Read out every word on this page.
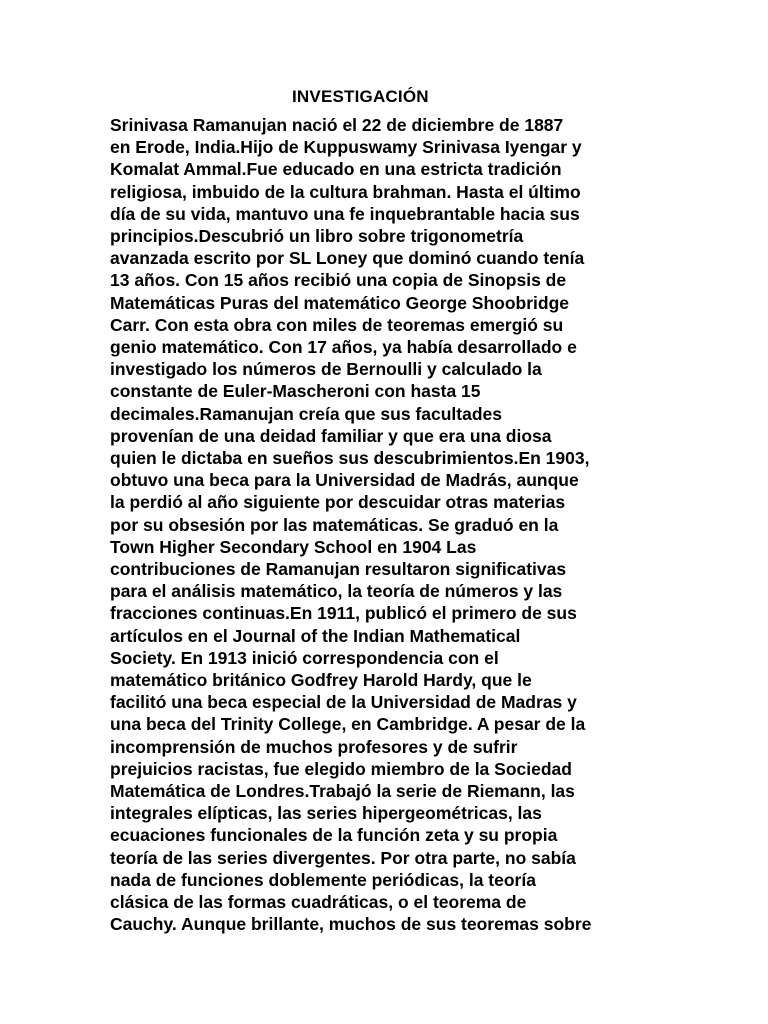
INVESTIGACIÓN
Srinivasa Ramanujan nació el 22 de diciembre de 1887
en Erode, India.Hijo de Kuppuswamy Srinivasa Iyengar y
Komalat Ammal.Fue educado en una estricta tradición
religiosa, imbuido de la cultura brahman. Hasta el último
día de su vida, mantuvo una fe inquebrantable hacia sus
principios.Descubrió un libro sobre trigonometría
avanzada escrito por SL Loney que dominó cuando tenía
13 años. Con 15 años recibió una copia de Sinopsis de
Matemáticas Puras del matemático George Shoobridge
Carr. Con esta obra con miles de teoremas emergió su
genio matemático. Con 17 años, ya había desarrollado e
investigado los números de Bernoulli y calculado la
constante de Euler-Mascheroni con hasta 15
decimales.Ramanujan creía que sus facultades
provenían de una deidad familiar y que era una diosa
quien le dictaba en sueños sus descubrimientos.En 1903,
obtuvo una beca para la Universidad de Madrás, aunque
la perdió al año siguiente por descuidar otras materias
por su obsesión por las matemáticas. Se graduó en la
Town Higher Secondary School en 1904 Las
contribuciones de Ramanujan resultaron significativas
para el análisis matemático, la teoría de números y las
fracciones continuas.En 1911, publicó el primero de sus
artículos en el Journal of the Indian Mathematical
Society. En 1913 inició correspondencia con el
matemático británico Godfrey Harold Hardy, que le
facilitó una beca especial de la Universidad de Madras y
una beca del Trinity College, en Cambridge. A pesar de la
incomprensión de muchos profesores y de sufrir
prejuicios racistas, fue elegido miembro de la Sociedad
Matemática de Londres.Trabajó la serie de Riemann, las
integrales elípticas, las series hipergeométricas, las
ecuaciones funcionales de la función zeta y su propia
teoría de las series divergentes. Por otra parte, no sabía
nada de funciones doblemente periódicas, la teoría
clásica de las formas cuadráticas, o el teorema de
Cauchy. Aunque brillante, muchos de sus teoremas sobre
